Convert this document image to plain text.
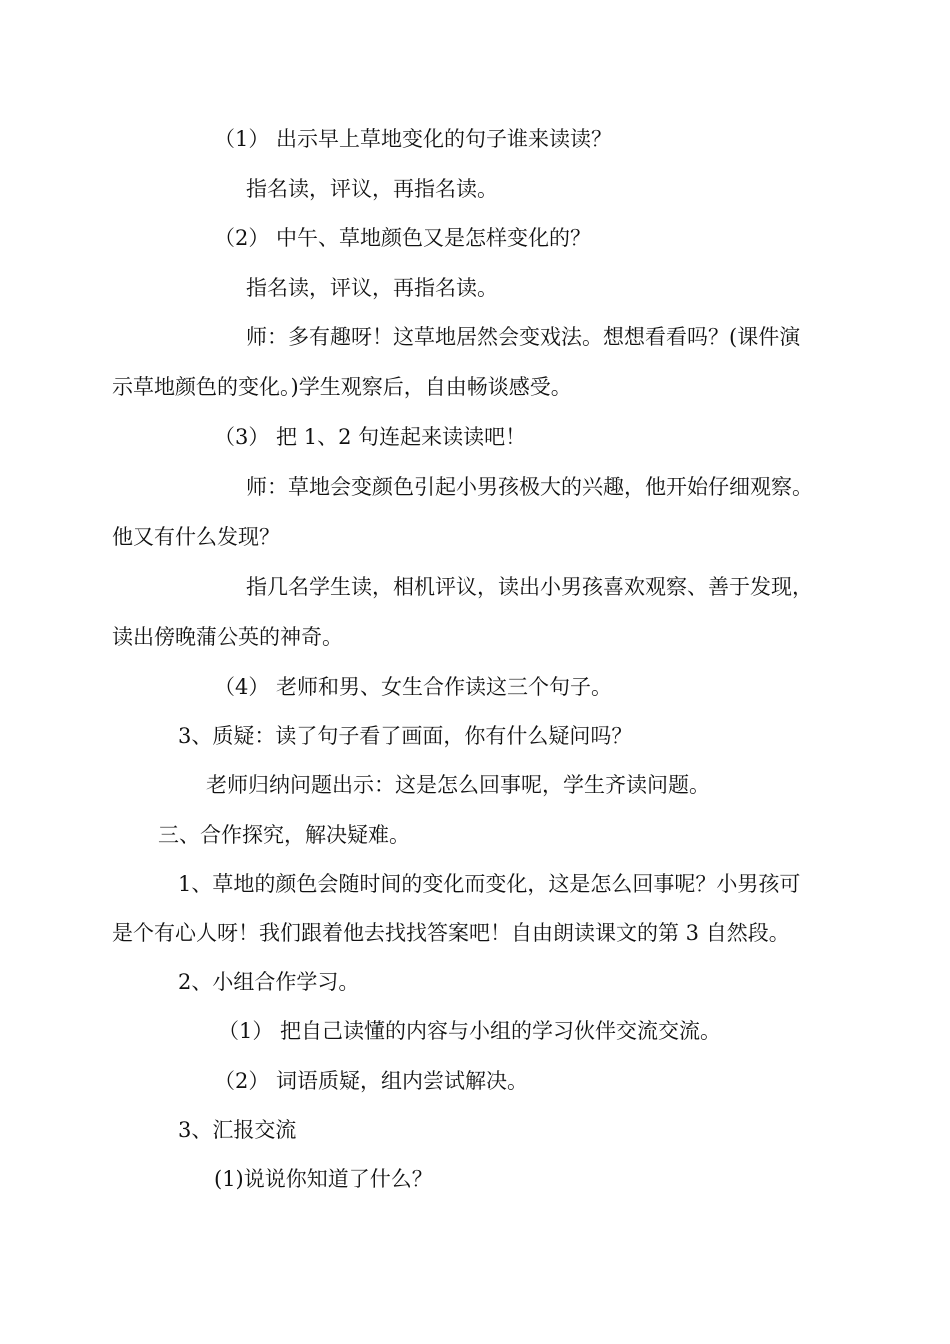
（1） 出示早上草地变化的句子谁来读读？
指名读，评议，再指名读。
（2） 中午、草地颜色又是怎样变化的？
指名读，评议，再指名读。
师：多有趣呀！这草地居然会变戏法。想想看看吗？(课件演
示草地颜色的变化。)学生观察后，自由畅谈感受。
（3） 把 1、2 句连起来读读吧！
师：草地会变颜色引起小男孩极大的兴趣，他开始仔细观察。
他又有什么发现？
指几名学生读，相机评议，读出小男孩喜欢观察、善于发现，
读出傍晚蒲公英的神奇。
（4） 老师和男、女生合作读这三个句子。
3、质疑：读了句子看了画面，你有什么疑问吗？
老师归纳问题出示：这是怎么回事呢，学生齐读问题。
三、合作探究，解决疑难。
1、草地的颜色会随时间的变化而变化，这是怎么回事呢？小男孩可
是个有心人呀！我们跟着他去找找答案吧！自由朗读课文的第 3 自然段。
2、小组合作学习。
（1） 把自己读懂的内容与小组的学习伙伴交流交流。
（2） 词语质疑，组内尝试解决。
3、汇报交流
(1)说说你知道了什么？
